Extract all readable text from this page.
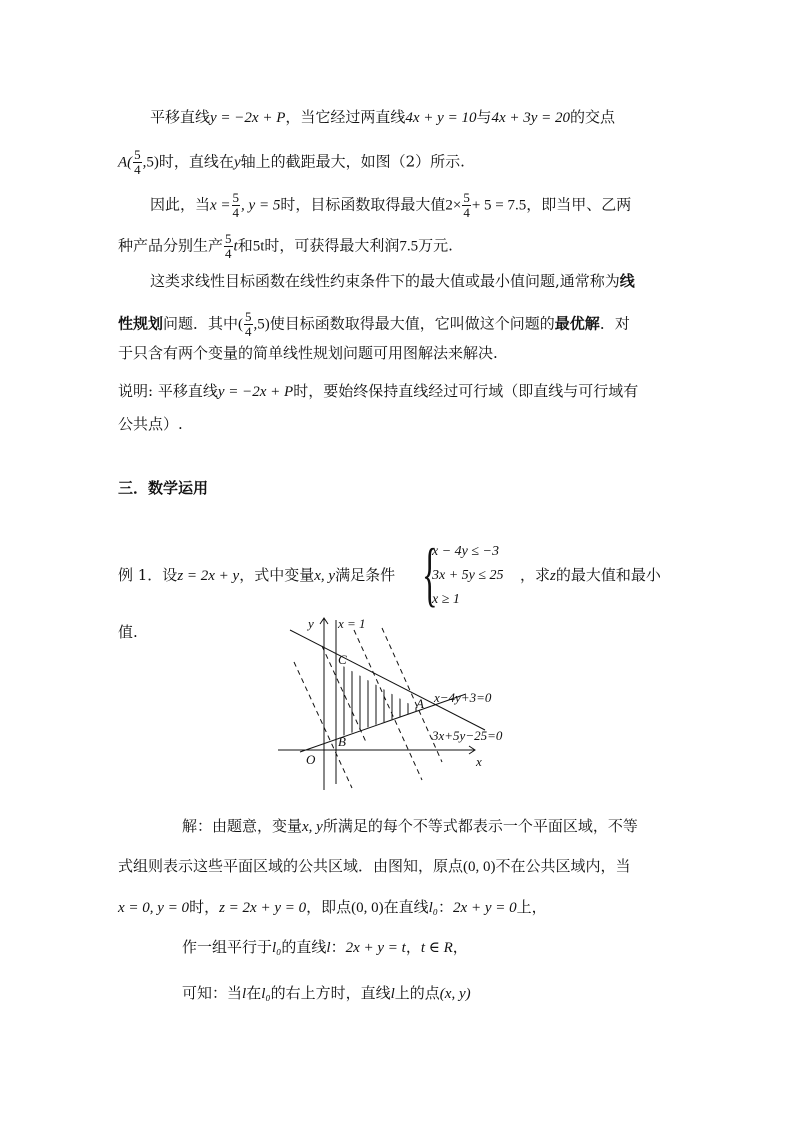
平移直线y = −2x + P，当它经过两直线4x + y = 10与4x + 3y = 20的交点
$A( \frac{5}{4} ,5)$时，直线在y轴上的截距最大，如图（2）所示.
因此，当$x = \frac{5}{4}$ , y = 5时，目标函数取得最大值$2\times \frac{5}{4} + 5 = 7.5$，即当甲、乙两
种产品分别生产 $\frac{5}{4}$ t和5t时，可获得最大利润7.5万元.
这类求线性目标函数在线性约束条件下的最大值或最小值问题,通常称为线
性规划问题．其中( $\frac{5}{4} ,5$)使目标函数取得最大值，它叫做这个问题的最优解．对
于只含有两个变量的简单线性规划问题可用图解法来解决.
说明: 平移直线y = −2x + P时，要始终保持直线经过可行域（即直线与可行域有
公共点）.
三．数学运用
例 1．设z = 2x + y，式中变量x, y满足条件 {
x − 4y ≤ −3
3x + 5y ≤ 25
x ≥ 1
，求z的最大值和最小
值.	y
x
O
x = 1
C
A
B
x−4y+3=0
3x+5y−25=0
解：由题意，变量x, y所满足的每个不等式都表示一个平面区域，不等
式组则表示这些平面区域的公共区域．由图知，原点(0, 0)不在公共区域内，当
x = 0, y = 0时，z = 2x + y = 0，即点(0, 0)在直线l₀：2x + y = 0上，
作一组平行于l₀的直线l：2x + y = t，t ∈ R，
可知：当l在l₀的右上方时，直线l上的点(x, y)
